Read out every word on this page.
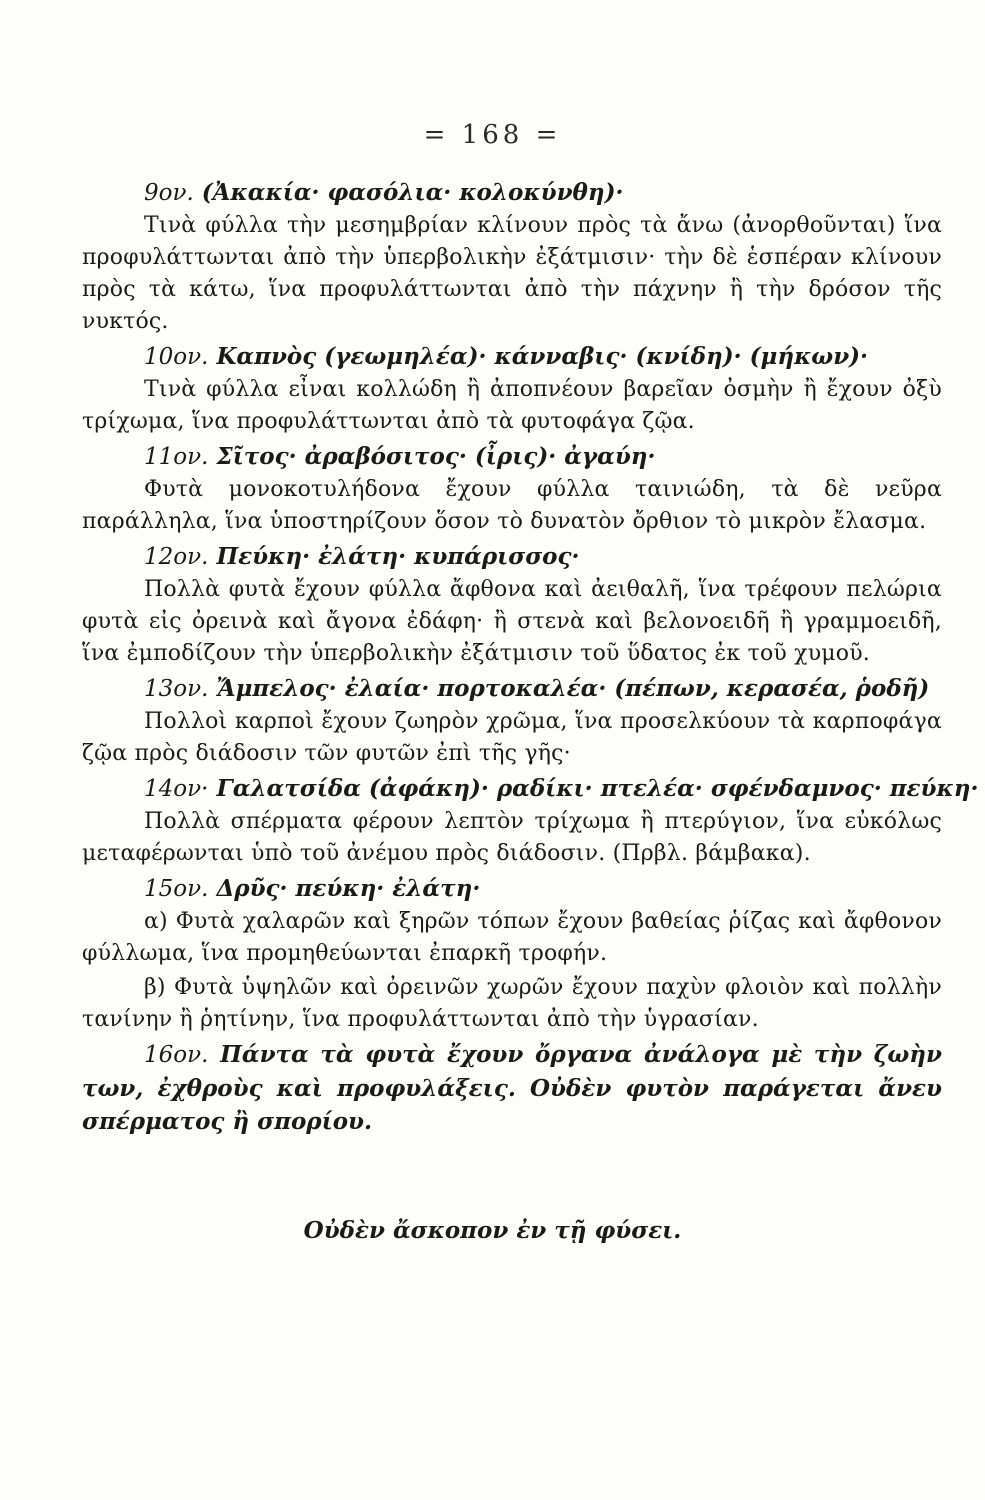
= 168 =
9ον. (Ἀκακία· φασόλια· κολοκύνθη)·

Τινὰ φύλλα τὴν μεσημβρίαν κλίνουν πρὸς τὰ ἄνω (ἀνορθοῦνται) ἵνα προφυλάττωνται ἀπὸ τὴν ὑπερβολικὴν ἐξάτμισιν· τὴν δὲ ἑσπέραν κλίνουν πρὸς τὰ κάτω, ἵνα προφυλάττωνται ἀπὸ τὴν πάχνην ἢ τὴν δρόσον τῆς νυκτός.

10ον. Καπνὸς (γεωμηλέα)· κάνναβις· (κνίδη)· (μήκων)·

Τινὰ φύλλα εἶναι κολλώδη ἢ ἀποπνέουν βαρεῖαν ὀσμὴν ἢ ἔχουν ὀξὺ τρίχωμα, ἵνα προφυλάττωνται ἀπὸ τὰ φυτοφάγα ζῷα.

11ον. Σῖτος· ἀραβόσιτος· (ἶρις)· ἀγαύη·

Φυτὰ μονοκοτυλήδονα ἔχουν φύλλα ταινιώδη, τὰ δὲ νεῦρα παράλληλα, ἵνα ὑποστηρίζουν ὅσον τὸ δυνατὸν ὄρθιον τὸ μικρὸν ἔλασμα.

12ον. Πεύκη· ἐλάτη· κυπάρισσος·

Πολλὰ φυτὰ ἔχουν φύλλα ἄφθονα καὶ ἀειθαλῆ, ἵνα τρέφουν πελώρια φυτὰ εἰς ὀρεινὰ καὶ ἄγονα ἐδάφη· ἢ στενὰ καὶ βελονοειδῆ ἢ γραμμοειδῆ, ἵνα ἐμποδίζουν τὴν ὑπερβολικὴν ἐξάτμισιν τοῦ ὕδατος ἐκ τοῦ χυμοῦ.

13ον. Ἄμπελος· ἐλαία· πορτοκαλέα· (πέπων, κερασέα, ῥοδῆ)

Πολλοὶ καρποὶ ἔχουν ζωηρὸν χρῶμα, ἵνα προσελκύουν τὰ καρποφάγα ζῷα πρὸς διάδοσιν τῶν φυτῶν ἐπὶ τῆς γῆς·

14ον· Γαλατσίδα (ἀφάκη)· ραδίκι· πτελέα· σφένδαμνος· πεύκη·

Πολλὰ σπέρματα φέρουν λεπτὸν τρίχωμα ἢ πτερύγιον, ἵνα εὐκόλως μεταφέρωνται ὑπὸ τοῦ ἀνέμου πρὸς διάδοσιν. (Πρβλ. βάμβακα).

15ον. Δρῦς· πεύκη· ἐλάτη·

α) Φυτὰ χαλαρῶν καὶ ξηρῶν τόπων ἔχουν βαθείας ῥίζας καὶ ἄφθονον φύλλωμα, ἵνα προμηθεύωνται ἐπαρκῆ τροφήν.

β) Φυτὰ ὑψηλῶν καὶ ὀρεινῶν χωρῶν ἔχουν παχὺν φλοιὸν καὶ πολλὴν τανίνην ἢ ῥητίνην, ἵνα προφυλάττωνται ἀπὸ τὴν ὑγρασίαν.

16ον. Πάντα τὰ φυτὰ ἔχουν ὄργανα ἀνάλογα μὲ τὴν ζωὴν των, ἐχθροὺς καὶ προφυλάξεις. Οὐδὲν φυτὸν παράγεται ἄνευ σπέρματος ἢ σπορίου.
Οὐδὲν ἄσκοπον ἐν τῇ φύσει.
